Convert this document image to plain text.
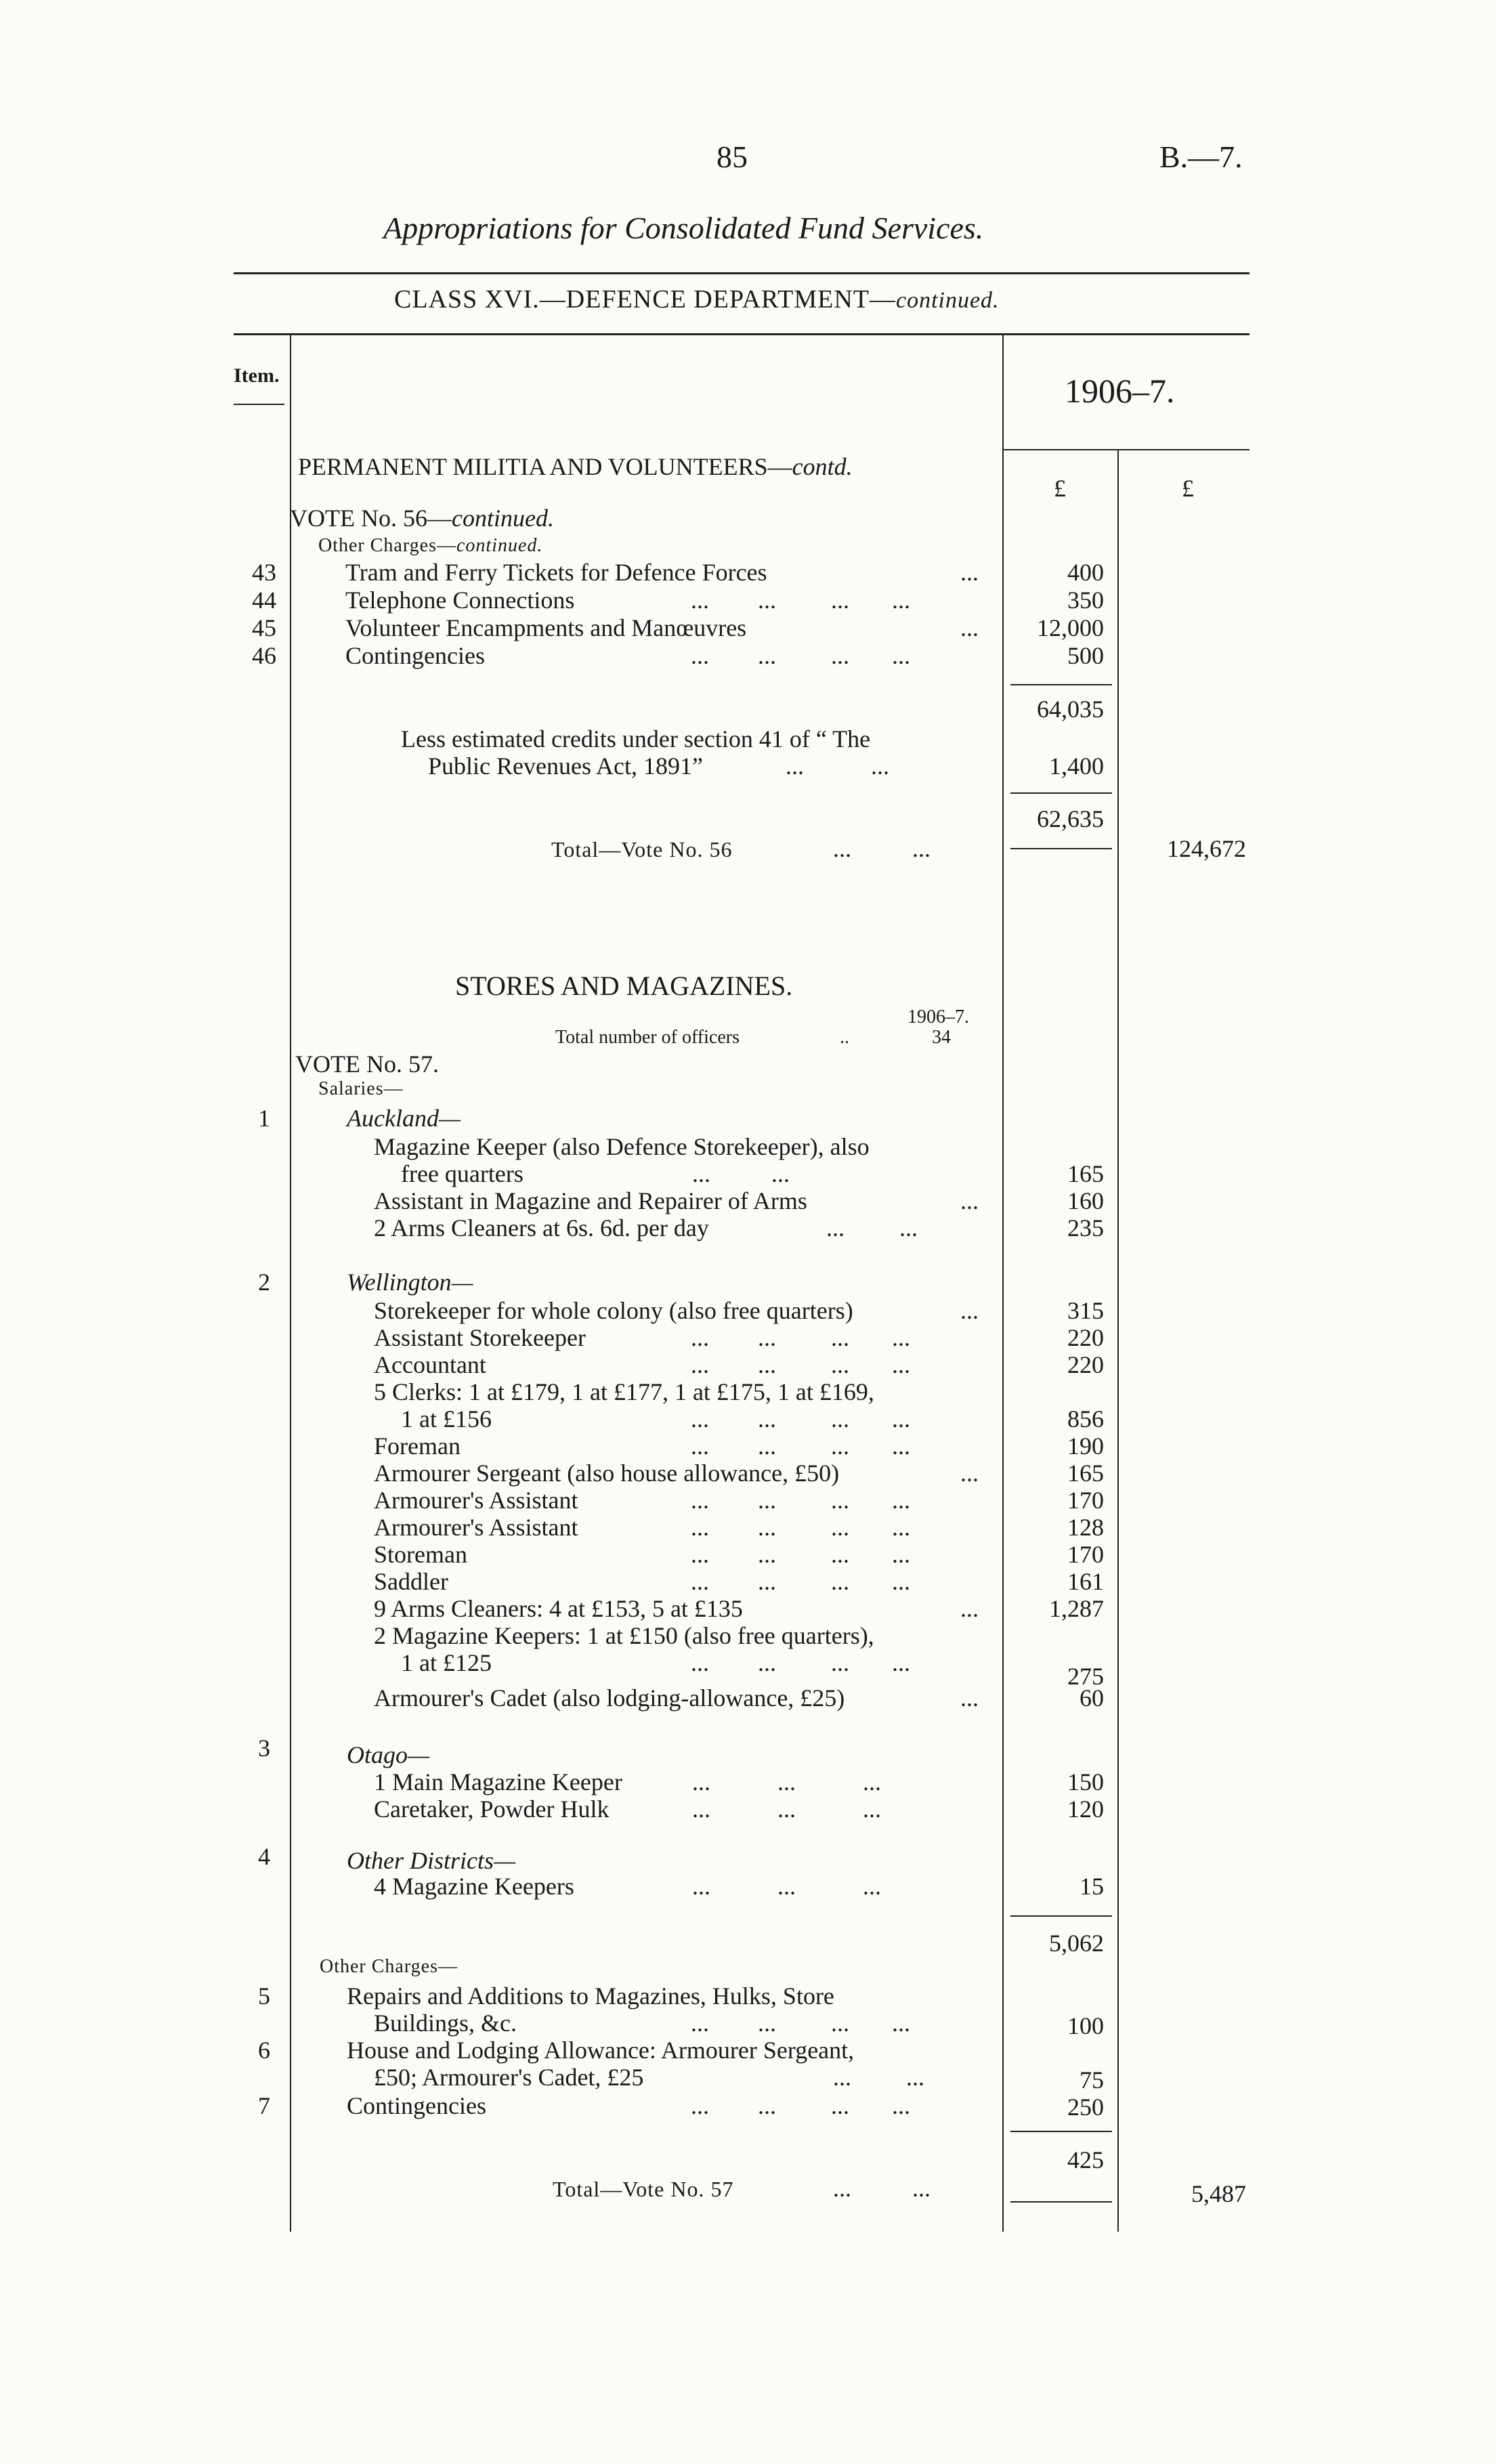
85	B.—7.
Appropriations for Consolidated Fund Services.
CLASS XVI.—DEFENCE DEPARTMENT—continued.
Item.	1906–7.
£	£
PERMANENT MILITIA AND VOLUNTEERS—contd.
VOTE No. 56—continued.
Other Charges—continued.
43	Tram and Ferry Tickets for Defence Forces	...	400
44	Telephone Connections	...        ...         ...       ...	350
45	Volunteer Encampments and Manœuvres	...	12,000
46	Contingencies	...        ...         ...       ...	500
64,035
Less estimated credits under section 41 of “ The
Public Revenues Act, 1891”	...           ...	1,400
62,635
Total—Vote No. 56	...          ...	124,672
STORES AND MAGAZINES.
1906–7.
Total number of officers	..	34
VOTE No. 57.
Salaries—
1	Auckland—
Magazine Keeper (also Defence Storekeeper), also
free quarters	...          ...	165
Assistant in Magazine and Repairer of Arms	...	160
2 Arms Cleaners at 6s. 6d. per day	...         ...	235
2	Wellington—
Storekeeper for whole colony (also free quarters)	...	315
Assistant Storekeeper	...        ...         ...       ...	220
Accountant	...        ...         ...       ...	220
5 Clerks: 1 at £179, 1 at £177, 1 at £175, 1 at £169,
1 at £156	...        ...         ...       ...	856
Foreman	...        ...         ...       ...	190
Armourer Sergeant (also house allowance, £50)	...	165
Armourer's Assistant	...        ...         ...       ...	170
Armourer's Assistant	...        ...         ...       ...	128
Storeman	...        ...         ...       ...	170
Saddler	...        ...         ...       ...	161
9 Arms Cleaners: 4 at £153, 5 at £135	...	1,287
2 Magazine Keepers: 1 at £150 (also free quarters),
1 at £125	...        ...         ...       ...	275
Armourer's Cadet (also lodging-allowance, £25)	...	60
3	Otago—
1 Main Magazine Keeper	...           ...           ...	150
Caretaker, Powder Hulk	...           ...           ...	120
4	Other Districts—
4 Magazine Keepers	...           ...           ...	15
5,062
Other Charges—
5	Repairs and Additions to Magazines, Hulks, Store
Buildings, &c.	...        ...         ...       ...	100
6	House and Lodging Allowance: Armourer Sergeant,
£50; Armourer's Cadet, £25	...         ...	75
7	Contingencies	...        ...         ...       ...	250
425
Total—Vote No. 57	...          ...	5,487
